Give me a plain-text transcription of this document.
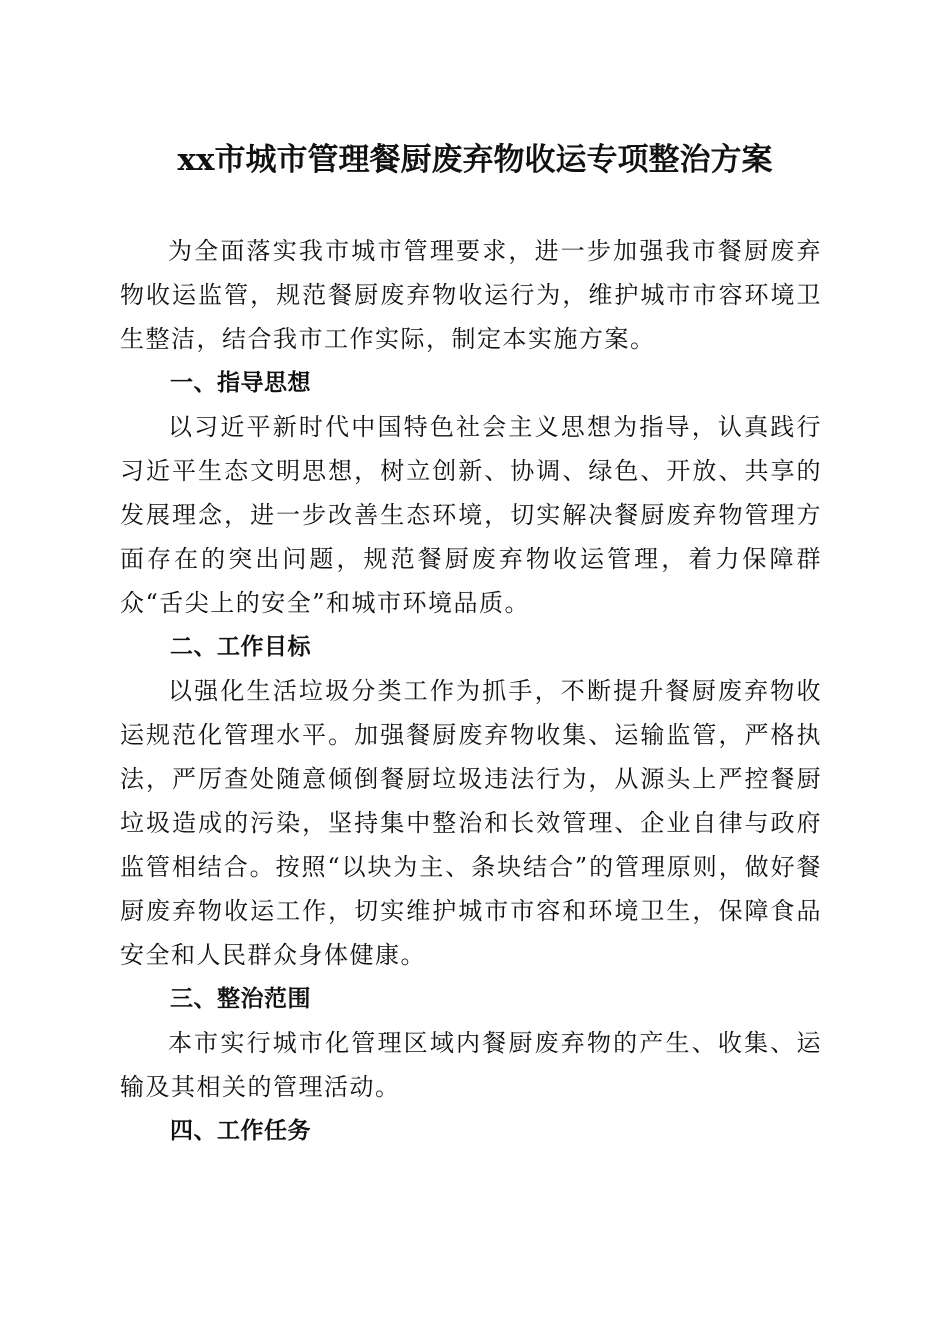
xx市城市管理餐厨废弃物收运专项整治方案

为全面落实我市城市管理要求，进一步加强我市餐厨废弃物收运监管，规范餐厨废弃物收运行为，维护城市市容环境卫生整洁，结合我市工作实际，制定本实施方案。

一、指导思想

以习近平新时代中国特色社会主义思想为指导，认真践行习近平生态文明思想，树立创新、协调、绿色、开放、共享的发展理念，进一步改善生态环境，切实解决餐厨废弃物管理方面存在的突出问题，规范餐厨废弃物收运管理，着力保障群众“舌尖上的安全”和城市环境品质。

二、工作目标

以强化生活垃圾分类工作为抓手，不断提升餐厨废弃物收运规范化管理水平。加强餐厨废弃物收集、运输监管，严格执法，严厉查处随意倾倒餐厨垃圾违法行为，从源头上严控餐厨垃圾造成的污染，坚持集中整治和长效管理、企业自律与政府监管相结合。按照“以块为主、条块结合”的管理原则，做好餐厨废弃物收运工作，切实维护城市市容和环境卫生，保障食品安全和人民群众身体健康。

三、整治范围

本市实行城市化管理区域内餐厨废弃物的产生、收集、运输及其相关的管理活动。

四、工作任务
